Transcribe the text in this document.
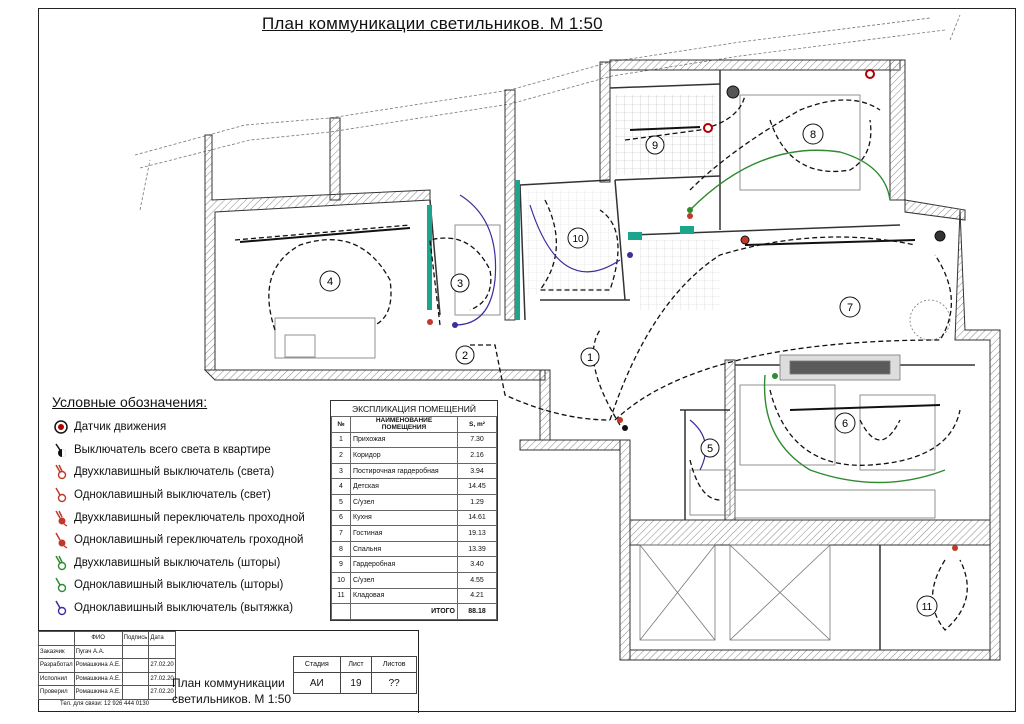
План коммуникации светильников. М 1:50
1
2
3
4
5
6
7
8
9
10
11
Условные обозначения:
Датчик движения
Выключатель всего света в квартире
Двухклавишный выключатель (света)
Одноклавишный выключатель (свет)
Двухклавишный переключатель проходной
Одноклавишный гереключатель гроходной
Двухклавишный выключатель (шторы)
Одноклавишный выключатель (шторы)
Одноклавишный выключатель (вытяжка)
ЭКСПЛИКАЦИЯ ПОМЕЩЕНИЙ
№	НАИМЕНОВАНИЕ ПОМЕЩЕНИЯ	S, m²
1	Прихожая	7.30
2	Коридор	2.16
3	Постирочная гардеробная	3.94
4	Детская	14.45
5	С/узел	1.29
6	Кухня	14.61
7	Гостиная	19.13
8	Спальня	13.39
9	Гардеробная	3.40
10	С/узел	4.55
11	Кладовая	4.21
	ИТОГО	88.18
	ФИО	Подпись	Дата
Заказчик	Пугач А.А.		
Разработал	Ромашкина А.Е.		27.02.20
Исполнил	Ромашкина А.Е.		27.02.20
Проверил	Ромашкина А.Е.		27.02.20
Тел. для связи: 12 926 444 0130
План коммуникации светильников. М 1:50
Стадия	Лист	Листов
АИ	19	??
